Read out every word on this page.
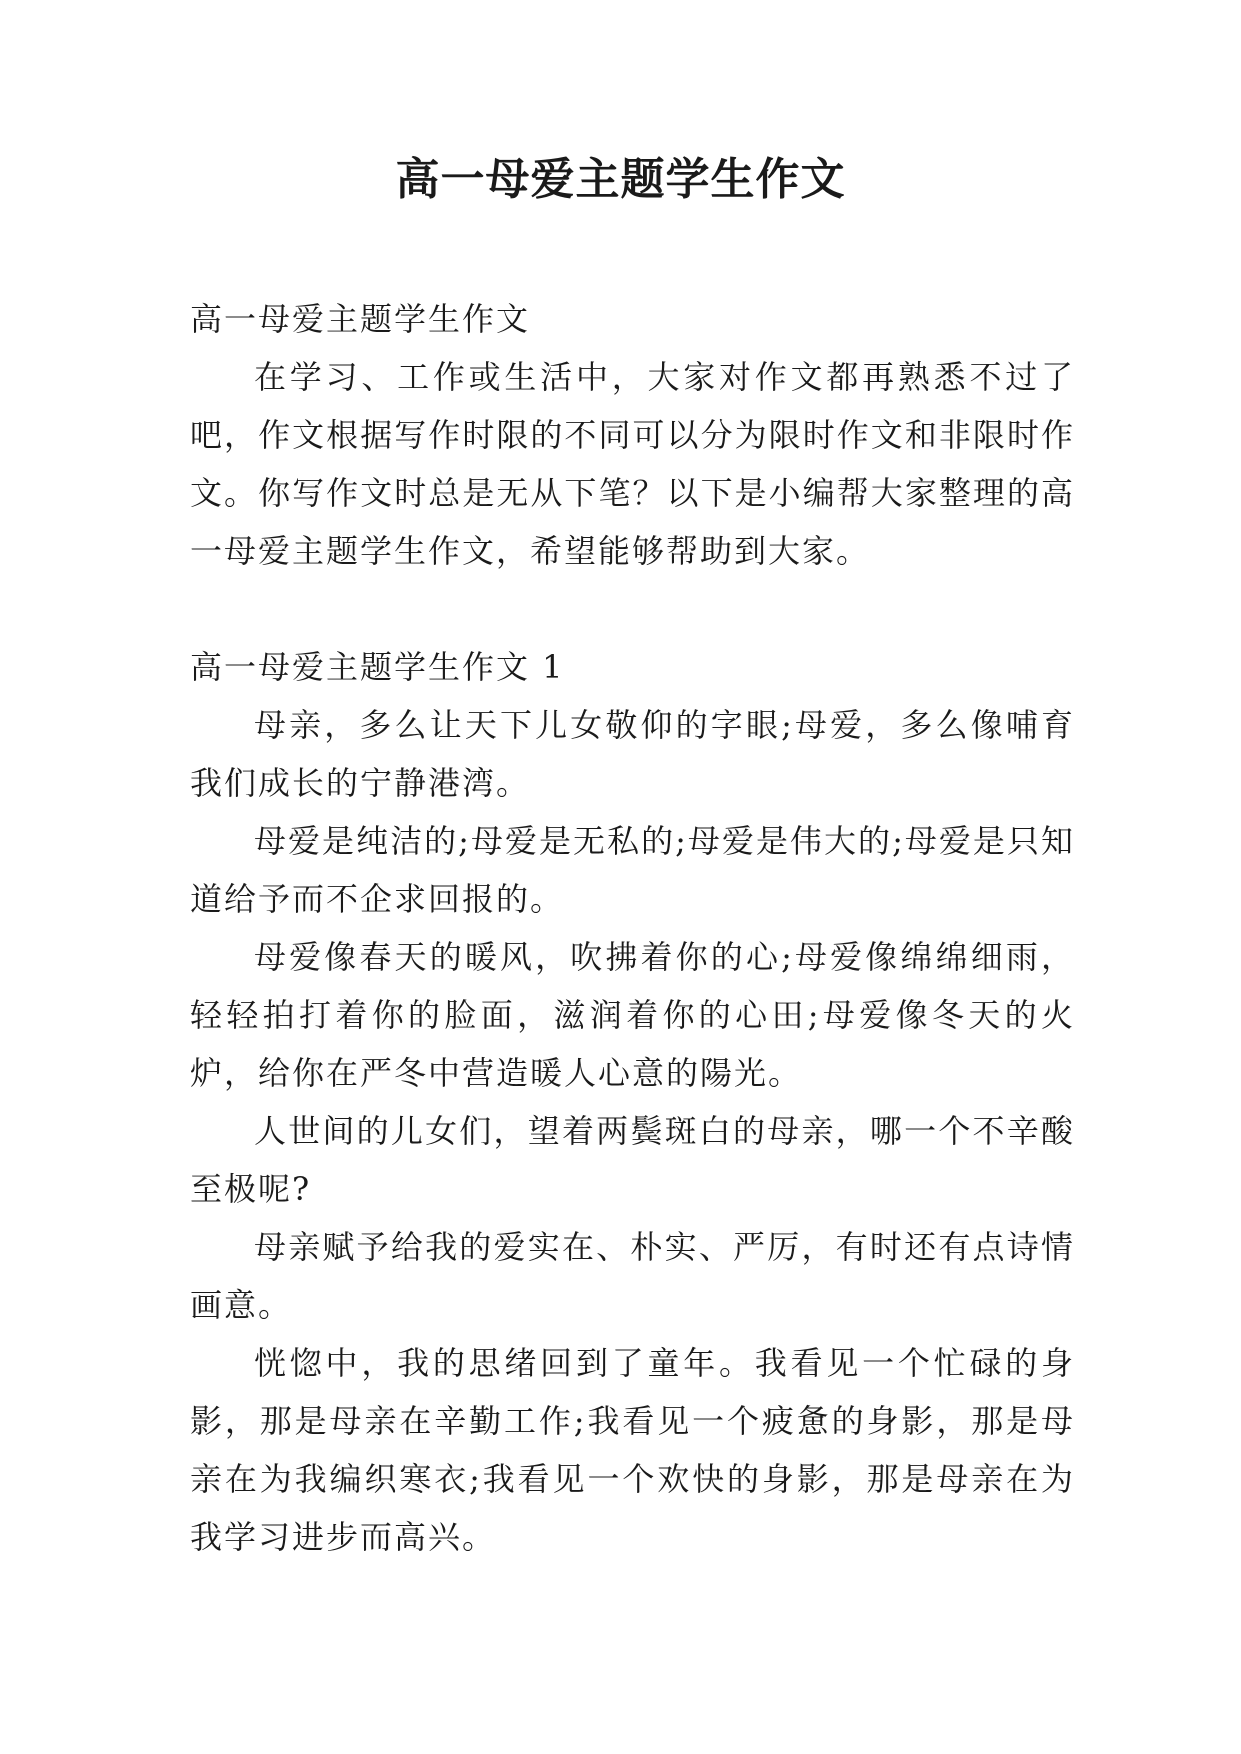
高一母爱主题学生作文

高一母爱主题学生作文

在学习、工作或生活中，大家对作文都再熟悉不过了吧，作文根据写作时限的不同可以分为限时作文和非限时作文。你写作文时总是无从下笔？以下是小编帮大家整理的高一母爱主题学生作文，希望能够帮助到大家。

高一母爱主题学生作文 1

母亲，多么让天下儿女敬仰的字眼;母爱，多么像哺育我们成长的宁静港湾。

母爱是纯洁的;母爱是无私的;母爱是伟大的;母爱是只知道给予而不企求回报的。

母爱像春天的暖风，吹拂着你的心;母爱像绵绵细雨，轻轻拍打着你的脸面，滋润着你的心田;母爱像冬天的火炉，给你在严冬中营造暖人心意的陽光。

人世间的儿女们，望着两鬓斑白的母亲，哪一个不辛酸至极呢?

母亲赋予给我的爱实在、朴实、严厉，有时还有点诗情画意。

恍惚中，我的思绪回到了童年。我看见一个忙碌的身影，那是母亲在辛勤工作;我看见一个疲惫的身影，那是母亲在为我编织寒衣;我看见一个欢快的身影，那是母亲在为我学习进步而高兴。
